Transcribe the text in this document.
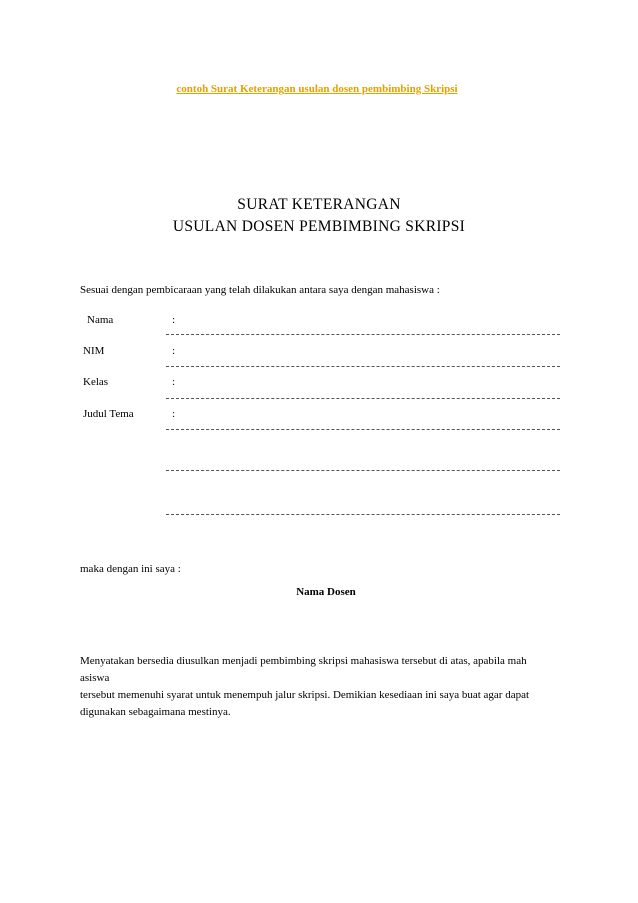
contoh Surat Keterangan usulan dosen pembimbing Skripsi
SURAT KETERANGAN
USULAN DOSEN PEMBIMBING SKRIPSI
Sesuai dengan pembicaraan yang telah dilakukan antara saya dengan mahasiswa :
Nama	:
NIM	:
Kelas	:
Judul Tema	:
maka dengan ini saya :
Nama Dosen
Menyatakan bersedia diusulkan menjadi pembimbing skripsi mahasiswa tersebut di atas, apabila mah
asiswa
tersebut memenuhi syarat untuk menempuh jalur skripsi. Demikian kesediaan ini saya buat agar dapat
digunakan sebagaimana mestinya.
